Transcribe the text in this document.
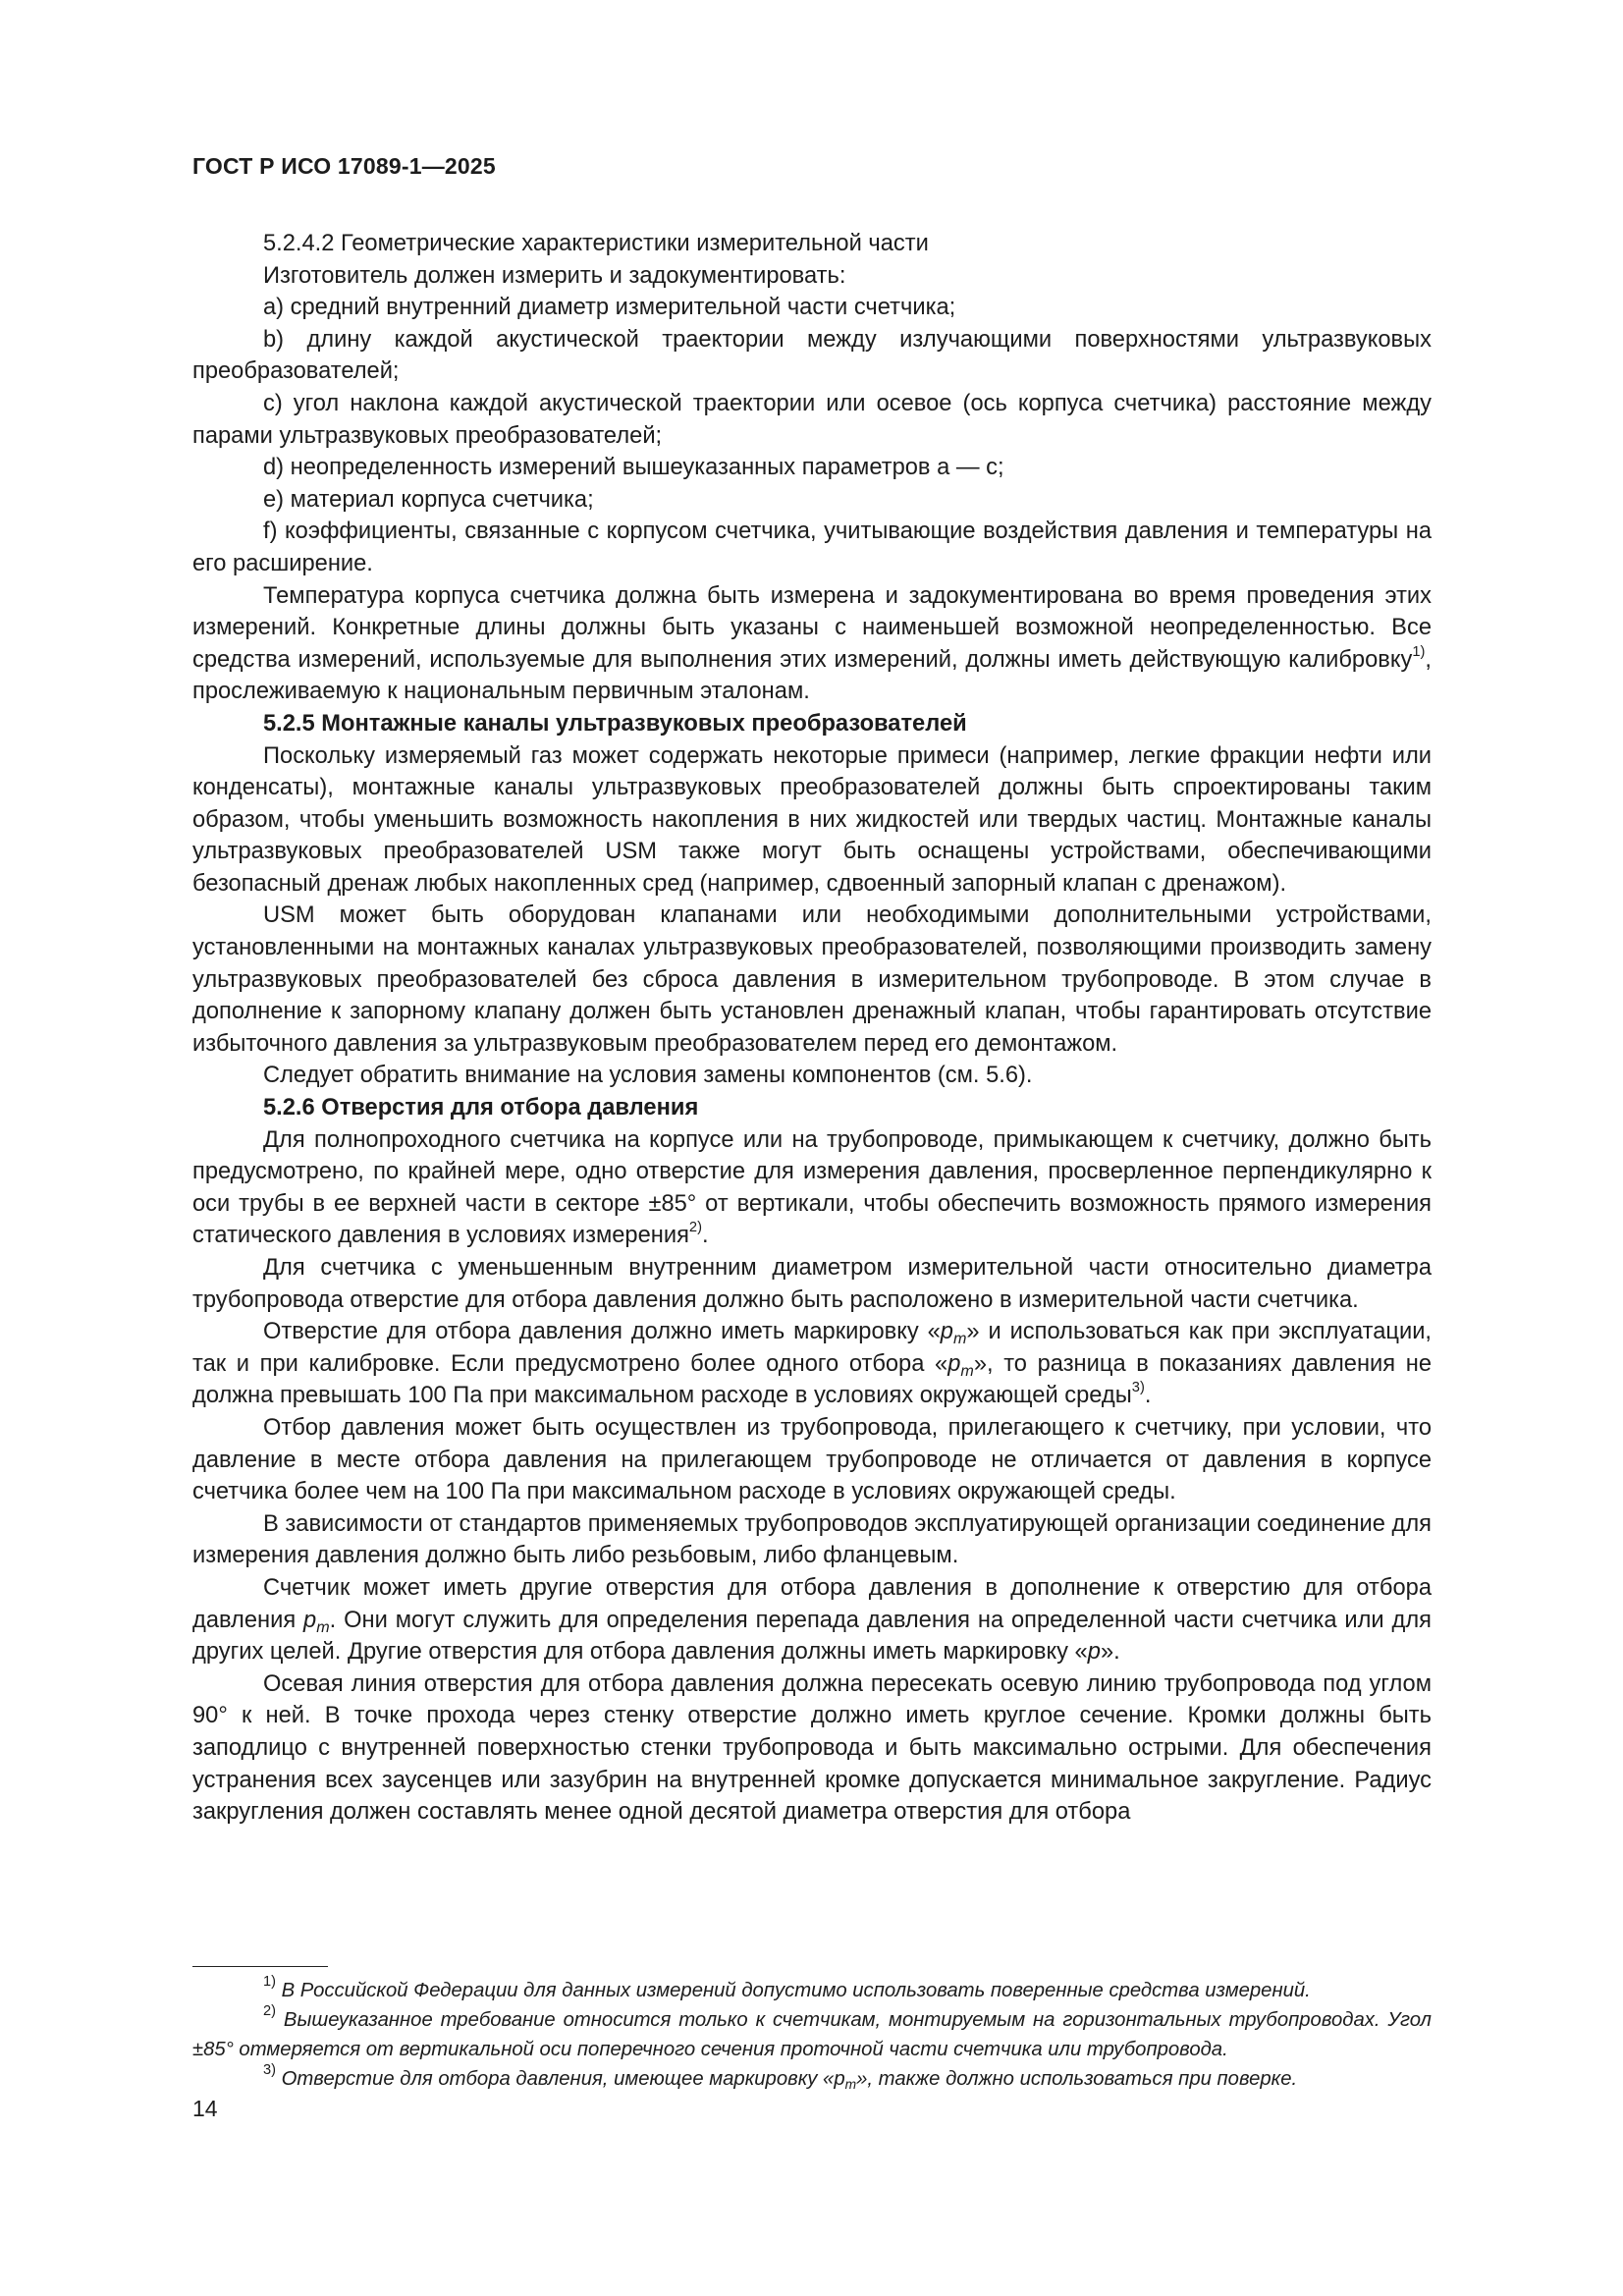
ГОСТ Р ИСО 17089-1—2025

5.2.4.2 Геометрические характеристики измерительной части

Изготовитель должен измерить и задокументировать:

a) средний внутренний диаметр измерительной части счетчика;

b) длину каждой акустической траектории между излучающими поверхностями ультразвуковых преобразователей;

c) угол наклона каждой акустической траектории или осевое (ось корпуса счетчика) расстояние между парами ультразвуковых преобразователей;

d) неопределенность измерений вышеуказанных параметров a — c;

e) материал корпуса счетчика;

f) коэффициенты, связанные с корпусом счетчика, учитывающие воздействия давления и температуры на его расширение.

Температура корпуса счетчика должна быть измерена и задокументирована во время проведения этих измерений. Конкретные длины должны быть указаны с наименьшей возможной неопределенностью. Все средства измерений, используемые для выполнения этих измерений, должны иметь действующую калибровку$^{1)}$, прослеживаемую к национальным первичным эталонам.

5.2.5 Монтажные каналы ультразвуковых преобразователей

Поскольку измеряемый газ может содержать некоторые примеси (например, легкие фракции нефти или конденсаты), монтажные каналы ультразвуковых преобразователей должны быть спроектированы таким образом, чтобы уменьшить возможность накопления в них жидкостей или твердых частиц. Монтажные каналы ультразвуковых преобразователей USM также могут быть оснащены устройствами, обеспечивающими безопасный дренаж любых накопленных сред (например, сдвоенный запорный клапан с дренажом).

USM может быть оборудован клапанами или необходимыми дополнительными устройствами, установленными на монтажных каналах ультразвуковых преобразователей, позволяющими производить замену ультразвуковых преобразователей без сброса давления в измерительном трубопроводе. В этом случае в дополнение к запорному клапану должен быть установлен дренажный клапан, чтобы гарантировать отсутствие избыточного давления за ультразвуковым преобразователем перед его демонтажом.

Следует обратить внимание на условия замены компонентов (см. 5.6).

5.2.6 Отверстия для отбора давления

Для полнопроходного счетчика на корпусе или на трубопроводе, примыкающем к счетчику, должно быть предусмотрено, по крайней мере, одно отверстие для измерения давления, просверленное перпендикулярно к оси трубы в ее верхней части в секторе ±85° от вертикали, чтобы обеспечить возможность прямого измерения статического давления в условиях измерения$^{2)}$.

Для счетчика с уменьшенным внутренним диаметром измерительной части относительно диаметра трубопровода отверстие для отбора давления должно быть расположено в измерительной части счетчика.

Отверстие для отбора давления должно иметь маркировку «$p_m$» и использоваться как при эксплуатации, так и при калибровке. Если предусмотрено более одного отбора «$p_m$», то разница в показаниях давления не должна превышать 100 Па при максимальном расходе в условиях окружающей среды$^{3)}$.

Отбор давления может быть осуществлен из трубопровода, прилегающего к счетчику, при условии, что давление в месте отбора давления на прилегающем трубопроводе не отличается от давления в корпусе счетчика более чем на 100 Па при максимальном расходе в условиях окружающей среды.

В зависимости от стандартов применяемых трубопроводов эксплуатирующей организации соединение для измерения давления должно быть либо резьбовым, либо фланцевым.

Счетчик может иметь другие отверстия для отбора давления в дополнение к отверстию для отбора давления $p_m$. Они могут служить для определения перепада давления на определенной части счетчика или для других целей. Другие отверстия для отбора давления должны иметь маркировку «p».

Осевая линия отверстия для отбора давления должна пересекать осевую линию трубопровода под углом 90° к ней. В точке прохода через стенку отверстие должно иметь круглое сечение. Кромки должны быть заподлицо с внутренней поверхностью стенки трубопровода и быть максимально острыми. Для обеспечения устранения всех заусенцев или зазубрин на внутренней кромке допускается минимальное закругление. Радиус закругления должен составлять менее одной десятой диаметра отверстия для отбора

$^{1)}$ В Российской Федерации для данных измерений допустимо использовать поверенные средства измерений.

$^{2)}$ Вышеуказанное требование относится только к счетчикам, монтируемым на горизонтальных трубопроводах. Угол ±85° отмеряется от вертикальной оси поперечного сечения проточной части счетчика или трубопровода.

$^{3)}$ Отверстие для отбора давления, имеющее маркировку «$p_m$», также должно использоваться при поверке.

14
